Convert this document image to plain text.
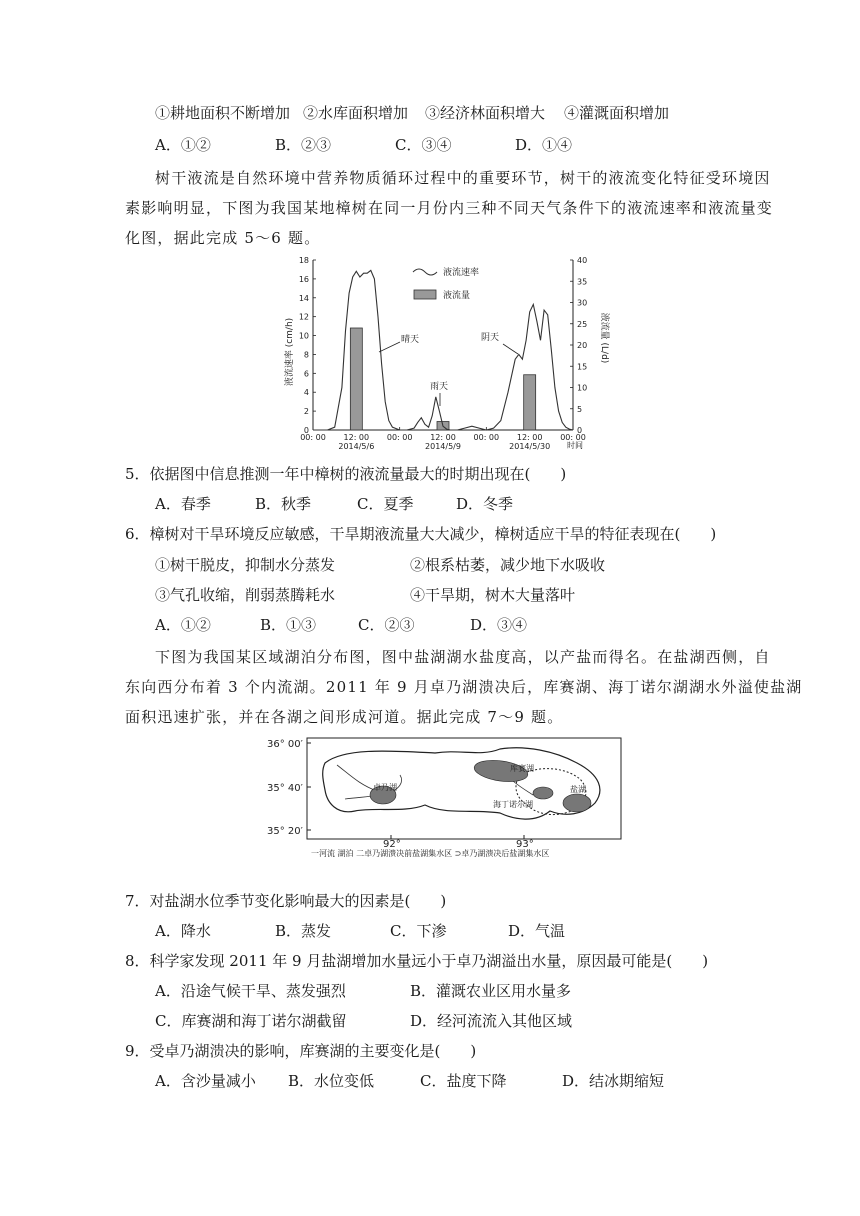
①耕地面积不断增加 ②水库面积增加 ③经济林面积增大 ④灌溉面积增加
A．①②	B．②③	C．③④	D．①④
树干液流是自然环境中营养物质循环过程中的重要环节，树干的液流变化特征受环境因
素影响明显，下图为我国某地樟树在同一月份内三种不同天气条件下的液流速率和液流量变
化图，据此完成 5～6 题。
0
2
4
6
8
10
12
14
16
18
0
5
10
15
20
25
30
35
40
00: 00 12: 00 00: 00 12: 00 00: 00 12: 00 00: 00
时间
2014/5/6	2014/5/9	2014/5/30
液流速率
液流量
液流速率 (cm/h)	液流量 (L/d)
晴天
雨天
阴天
5．依据图中信息推测一年中樟树的液流量最大的时期出现在(　　)
A．春季	B．秋季	C．夏季	D．冬季
6．樟树对干旱环境反应敏感，干旱期液流量大大减少，樟树适应干旱的特征表现在(　　)
①树干脱皮，抑制水分蒸发	②根系枯萎，减少地下水吸收
③气孔收缩，削弱蒸腾耗水	④干旱期，树木大量落叶
A．①②	B．①③	C．②③	D．③④
下图为我国某区域湖泊分布图，图中盐湖湖水盐度高，以产盐而得名。在盐湖西侧，自
东向西分布着 3 个内流湖。2011 年 9 月卓乃湖溃决后，库赛湖、海丁诺尔湖湖水外溢使盐湖
面积迅速扩张，并在各湖之间形成河道。据此完成 7～9 题。
36° 00′
35° 40′
35° 20′
卓乃湖
库赛湖
海丁诺尔湖
盐湖
92°	93°
一河流 湖泊 二卓乃湖溃决前盐湖集水区 ⊃卓乃湖溃决后盐湖集水区
7．对盐湖水位季节变化影响最大的因素是(　　)
A．降水	B．蒸发	C．下渗	D．气温
8．科学家发现 2011 年 9 月盐湖增加水量远小于卓乃湖溢出水量，原因最可能是(　　)
A．沿途气候干旱、蒸发强烈	B．灌溉农业区用水量多
C．库赛湖和海丁诺尔湖截留	D．经河流流入其他区域
9．受卓乃湖溃决的影响，库赛湖的主要变化是(　　)
A．含沙量减小 B．水位变低	C．盐度下降	D．结冰期缩短
